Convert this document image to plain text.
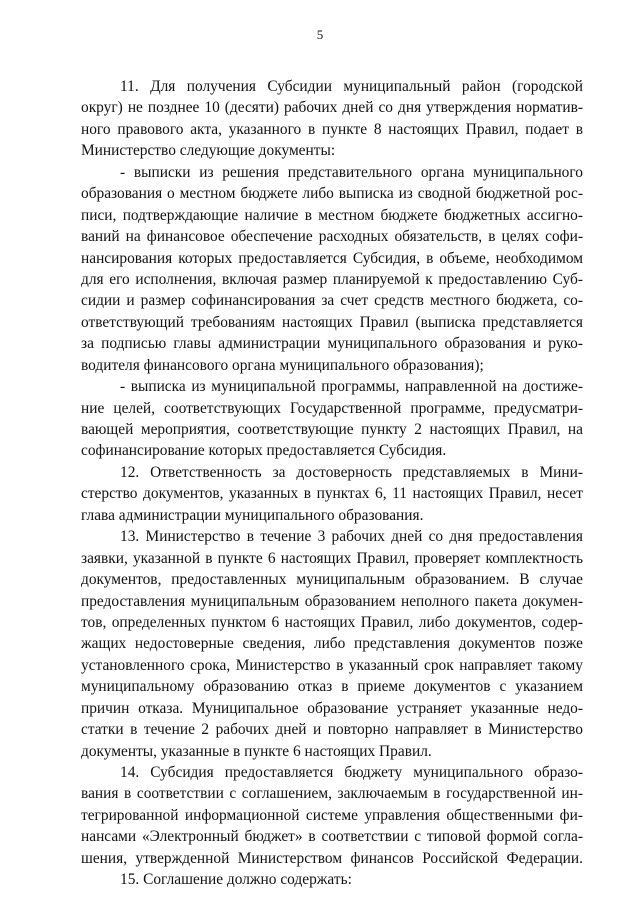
5
11. Для получения Субсидии муниципальный район (городской
округ) не позднее 10 (десяти) рабочих дней со дня утверждения норматив-
ного правового акта, указанного в пункте 8 настоящих Правил, подает в
Министерство следующие документы:
- выписки из решения представительного органа муниципального
образования о местном бюджете либо выписка из сводной бюджетной рос-
писи, подтверждающие наличие в местном бюджете бюджетных ассигно-
ваний на финансовое обеспечение расходных обязательств, в целях софи-
нансирования которых предоставляется Субсидия, в объеме, необходимом
для его исполнения, включая размер планируемой к предоставлению Суб-
сидии и размер софинансирования за счет средств местного бюджета, со-
ответствующий требованиям настоящих Правил (выписка представляется
за подписью главы администрации муниципального образования и руко-
водителя финансового органа муниципального образования);
- выписка из муниципальной программы, направленной на достиже-
ние целей, соответствующих Государственной программе, предусматри-
вающей мероприятия, соответствующие пункту 2 настоящих Правил, на
софинансирование которых предоставляется Субсидия.
12. Ответственность за достоверность представляемых в Мини-
стерство документов, указанных в пунктах 6, 11 настоящих Правил, несет
глава администрации муниципального образования.
13. Министерство в течение 3 рабочих дней со дня предоставления
заявки, указанной в пункте 6 настоящих Правил, проверяет комплектность
документов, предоставленных муниципальным образованием. В случае
предоставления муниципальным образованием неполного пакета докумен-
тов, определенных пунктом 6 настоящих Правил, либо документов, содер-
жащих недостоверные сведения, либо представления документов позже
установленного срока, Министерство в указанный срок направляет такому
муниципальному образованию отказ в приеме документов с указанием
причин отказа. Муниципальное образование устраняет указанные недо-
статки в течение 2 рабочих дней и повторно направляет в Министерство
документы, указанные в пункте 6 настоящих Правил.
14. Субсидия предоставляется бюджету муниципального образо-
вания в соответствии с соглашением, заключаемым в государственной ин-
тегрированной информационной системе управления общественными фи-
нансами «Электронный бюджет» в соответствии с типовой формой согла-
шения, утвержденной Министерством финансов Российской Федерации.
15. Соглашение должно содержать:
